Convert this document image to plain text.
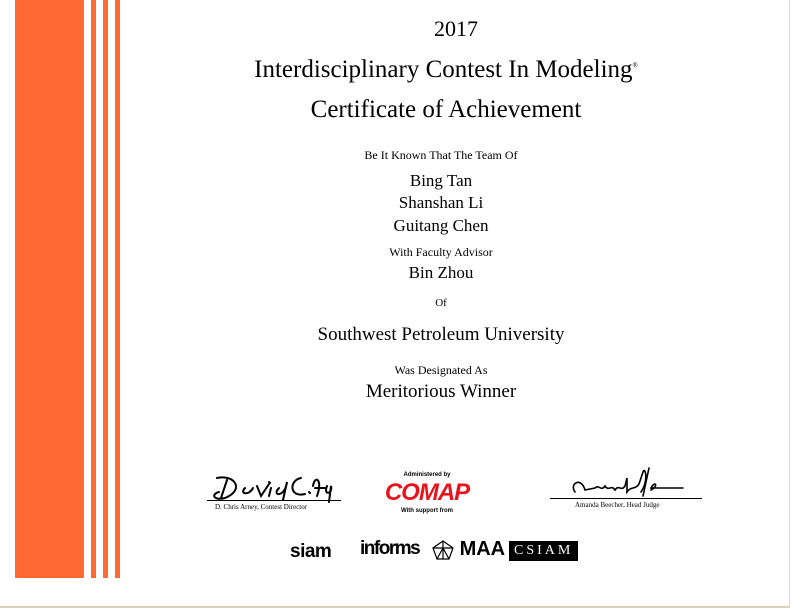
2017
Interdisciplinary Contest In Modeling®
Certificate of Achievement
Be It Known That The Team Of
Bing Tan
Shanshan Li
Guitang Chen
With Faculty Advisor
Bin Zhou
Of
Southwest Petroleum University
Was Designated As
Meritorious Winner
D. Chris Arney, Contest Director
Administered by
COMAP
With support from
Amanda Beecher, Head Judge
siam informs	MAA CSIAM
